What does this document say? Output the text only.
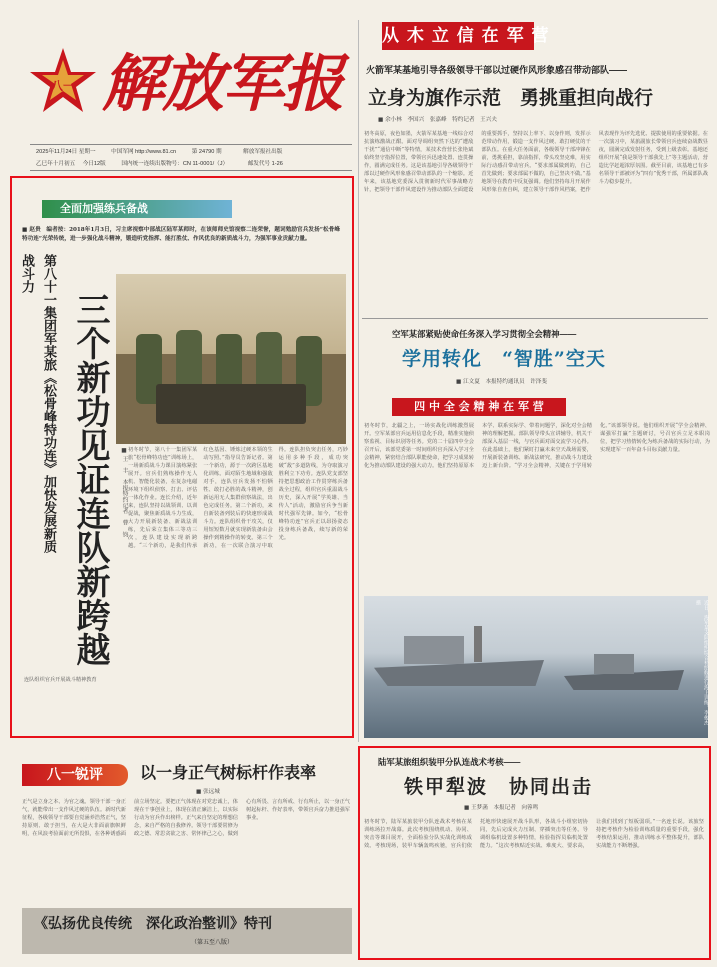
八一 解放军报
2025年11月24日 星期一	中国军网 http://www.81.cn	第 24790 期	解放军报社出版
乙巳年十月初五 今日12版	国内统一连续出版物号：CN 11-0001/（J）	邮发代号 1-26
从 木 立 信 在 军 营
火箭军某基地引导各级领导干部以过硬作风形象感召带动部队——
立身为旗作示范　勇挑重担向战行
■ 余小林　李国兴　张嘉峰　特约记者　王兴夫
初冬高原，夜色如墨，火箭军某基地一线综合对抗演练激战正酣。面对导调组突然下达的“遭敌干扰”“通信中断”等特情，某技术营营长张艳斌始终坚守指挥位置，带领官兵迅速处置、连贯操作，圆满完成任务。这是该基地引导各级领导干部以过硬作风形象感召带动部队的一个缩影。近年来，该基地党委深入贯彻新时代军事战略方针，把领导干部作风建设作为推动部队全面建设的重要抓手，坚持以上率下、以身作则，发挥示范带动作用，锻造一支作风过硬、敢打硬仗的干部队伍。在重大任务面前，各级领导干部冲锋在前，勇挑重担，靠前指挥，带头攻坚克难，用实际行动感召带动官兵。“要求部属做到的，自己首先做到；要求部属不做的，自己坚决不做。”基地领导在教育中反复强调。他们坚持每月开展作风形象自查自纠，建立领导干部作风档案，把作风表现作为评先选优、提拔使用的重要依据。在一次演习中，某旅副旅长带领官兵连续奋战数昼夜，圆满完成发射任务，受到上级表彰。基地还组织开展“我是领导干部我先上”等主题活动，营造比学赶超浓厚氛围。截至目前，该基地已有多名领导干部被评为“四有”优秀干部，所属部队战斗力稳步提升。
全面加强练兵备战
■ 赵贵　编者按：2018年1月3日，习主席视察中部战区陆军某师时，在该师师史馆视察二连荣誉，题词勉励官兵发扬“松骨峰特功连”光荣传统，进一步强化战斗精神，锻造听党指挥、能打胜仗、作风优良的新质战斗力，为强军事业贡献力量。
第八十一集团军某旅《松骨峰特功连》加快发展新质战斗力
三个新功见证连队新跨越	■ 王　丰　本报特约记者　曹　钧 初冬时节，第八十一集团军某旅“松骨峰特功连”训练场上，一场新质战斗力课目演练紧张展开。官兵们熟练操作无人机、智能化装备，在复杂电磁环境下组织侦察、打击、评估一体化作业。连长介绍，近年来，连队坚持以战领训、以训促战，聚焦新质战斗力生成，大力开展新装备、新战法训练，先后荣立集体三等功三次，连队建设实现新跨越。“三个新功，是我们传承红色基因、锤炼过硬本领的生动写照。”指导员告诉记者。第一个新功，源于一次跨区基地化训练。面对陌生地域和强敌对手，连队官兵发扬不怕牺牲、敢打必胜的战斗精神，创新运用无人集群侦察战法，出色完成任务。第二个新功，来自新装备列装后的快速形成战斗力。连队组织骨干攻关，仅用短短数月就实现新装备由会操作到精操作的转变。第三个新功，在一次联合演习中取得。连队担负突击任务，巧妙运用多种手段，成功突破“敌”多道防线，为夺取演习胜利立下功劳。连队党支部坚持把思想政治工作贯穿练兵备战全过程，组织官兵重温战斗历史，深入开展“学英雄、当传人”活动，激励官兵争当新时代强军先锋。如今，“松骨峰特功连”官兵正以昂扬姿态投身练兵备战，续写新的荣光。
连队组织官兵开展战斗精神教育
空军某部紧贴使命任务深入学习贯彻全会精神——
学用转化　“智胜”空天
■ 江文夏　本报特约通讯员　许泽斐
四 中 全 会 精 神 在 军 营
初冬时节，北疆之上，一场实战化训练激烈展开。空军某部官兵运用信息化手段，精准实施侦察监视、目标识别等任务。党的二十届四中全会召开后，该部党委第一时间组织官兵深入学习全会精神，紧密结合部队职能使命，把学习成果转化为推动部队建设的强大动力。他们坚持原原本本学、联系实际学、带着问题学，深化对全会精神的理解把握。部队领导带头宣讲辅导，机关干部深入基层一线，与官兵面对面交流学习心得。在此基础上，他们紧盯打赢未来空天战场需要，开展新装备训练、新战法研究，推动战斗力建设迈上新台阶。“学习全会精神，关键在于学用转化。”该部领导说。他们组织开展“学全会精神、谋强军打赢”主题研讨，号召官兵立足本职岗位，把学习热情转化为练兵备战的实际行动，为实现建军一百年奋斗目标贡献力量。
近日，海军某支队组织综合补给舰进行海上训练。李俊杰摄
八一锐评	以一身正气树标杆作表率
■ 张远城
正气是立身之本、为官之魂。领导干部一身正气，就能带出一支作风过硬的队伍。新时代新征程，各级领导干部要自觉涵养浩然正气，坚持原则、敢于担当，在大是大非面前旗帜鲜明，在风浪考验面前无所畏惧，在各种诱惑面前立场坚定。要把正气体现在对党忠诚上，体现在干事创业上，体现在清正廉洁上，以实际行动为官兵作出榜样。正气来自坚定的理想信念，来自严格的自我修养。领导干部要常修为政之德、常思贪欲之害、常怀律己之心，做到心有所畏、言有所戒、行有所止，以一身正气树起标杆、作好表率，带领官兵奋力推进强军事业。
《弘扬优良传统　深化政治整训》特刊
（第五至八版）
陆军某旅组织装甲分队连战术考核——
铁甲犁波　协同出击
■ 王梦菡　本报记者　向蓉鸣
初冬时节，陆军某旅装甲分队连战术考核在某训练场拉开战幕。此次考核围绕机动、协同、突击等课目展开，全面检验分队实战化训练成效。考核现场，装甲车辆轰鸣疾驰，官兵们依托地形快速展开战斗队形，各战斗小组密切协同，先后完成火力压制、穿插突击等任务。导调组临机设置多种特情，检验指挥员临机处置能力。“这次考核贴近实战、难度大、要求高，让我们找到了短板弱项。”一名连长说。该旅坚持把考核作为检验训练质量的重要手段，强化考核结果运用，推动训练水平整体提升，部队实战能力不断增强。
